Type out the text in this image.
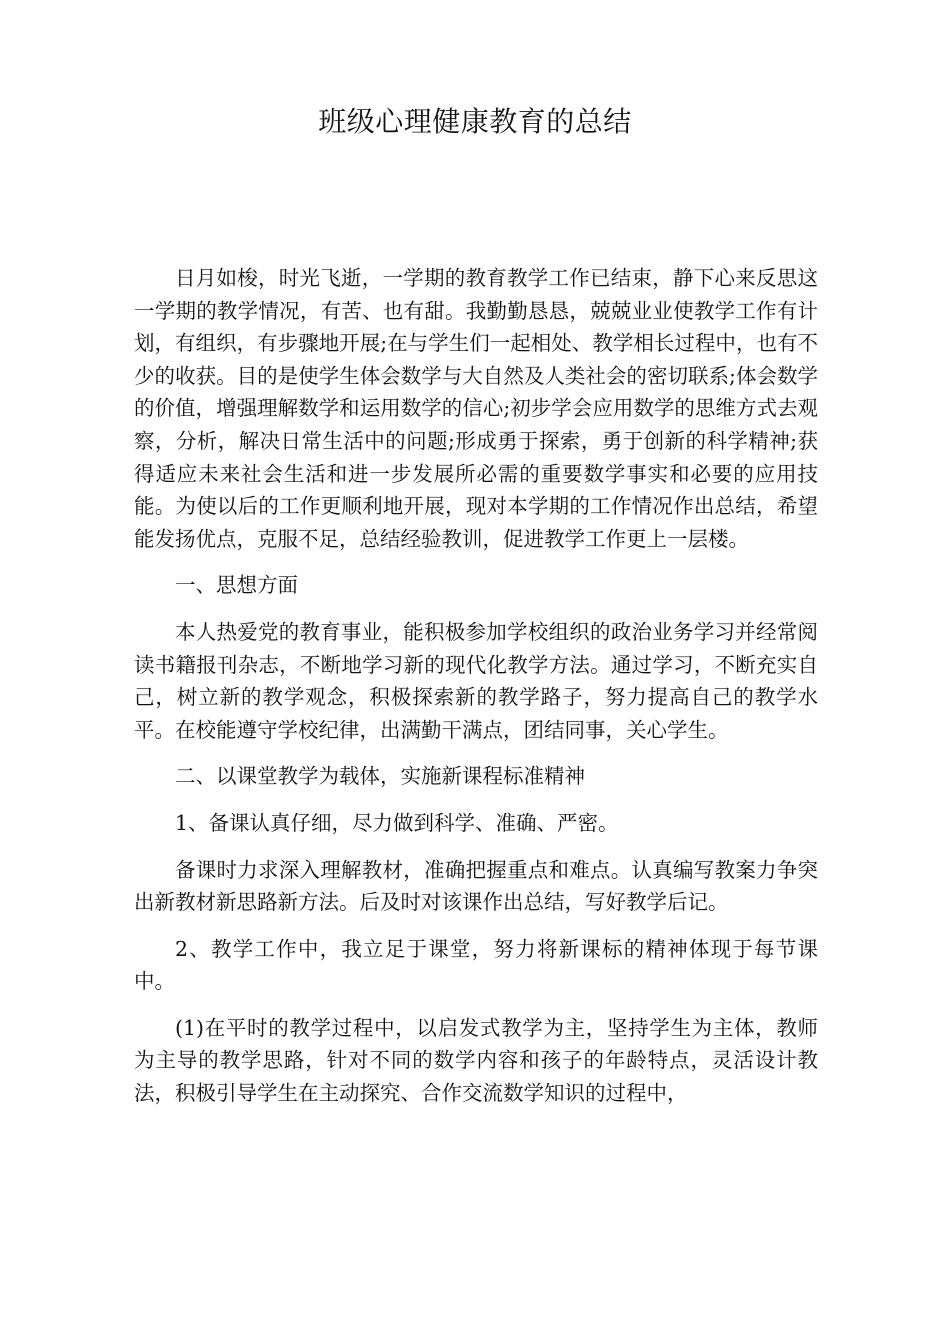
班级心理健康教育的总结

日月如梭，时光飞逝，一学期的教育教学工作已结束，静下心来反思这一学期的教学情况，有苦、也有甜。我勤勤恳恳，兢兢业业使教学工作有计划，有组织，有步骤地开展;在与学生们一起相处、教学相长过程中，也有不少的收获。目的是使学生体会数学与大自然及人类社会的密切联系;体会数学的价值，增强理解数学和运用数学的信心;初步学会应用数学的思维方式去观察，分析，解决日常生活中的问题;形成勇于探索，勇于创新的科学精神;获得适应未来社会生活和进一步发展所必需的重要数学事实和必要的应用技能。为使以后的工作更顺利地开展，现对本学期的工作情况作出总结，希望能发扬优点，克服不足，总结经验教训，促进教学工作更上一层楼。

一、思想方面

本人热爱党的教育事业，能积极参加学校组织的政治业务学习并经常阅读书籍报刊杂志，不断地学习新的现代化教学方法。通过学习，不断充实自己，树立新的教学观念，积极探索新的教学路子，努力提高自己的教学水平。在校能遵守学校纪律，出满勤干满点，团结同事，关心学生。

二、以课堂教学为载体，实施新课程标准精神

1、备课认真仔细，尽力做到科学、准确、严密。

备课时力求深入理解教材，准确把握重点和难点。认真编写教案力争突出新教材新思路新方法。后及时对该课作出总结，写好教学后记。

2、教学工作中，我立足于课堂，努力将新课标的精神体现于每节课中。

(1)在平时的教学过程中，以启发式教学为主，坚持学生为主体，教师为主导的教学思路，针对不同的数学内容和孩子的年龄特点，灵活设计教法，积极引导学生在主动探究、合作交流数学知识的过程中，
